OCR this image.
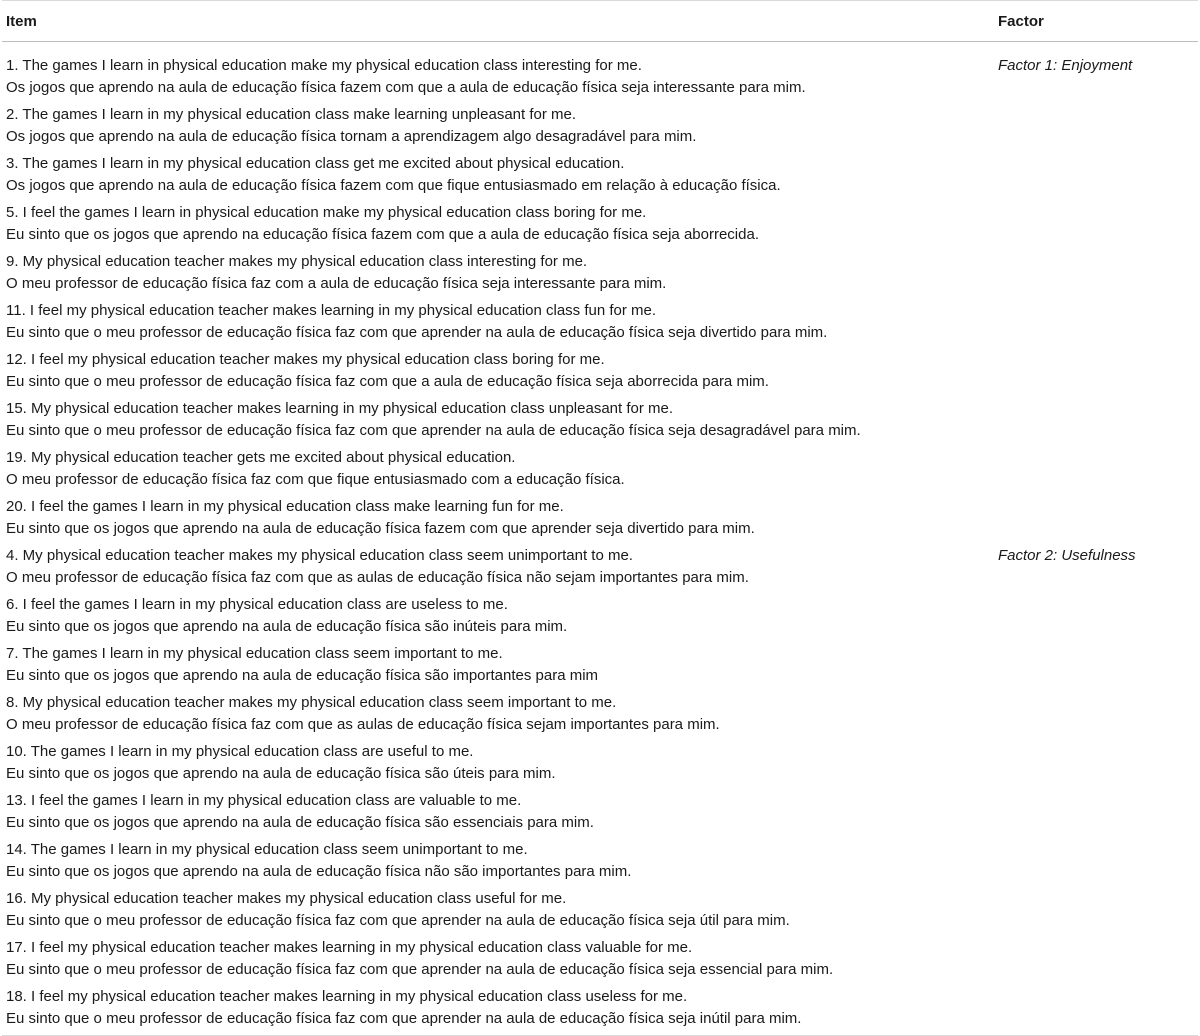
Item	Factor

1. The games I learn in physical education make my physical education class interesting for me.
Os jogos que aprendo na aula de educação física fazem com que a aula de educação física seja interessante para mim.	Factor 1: Enjoyment

2. The games I learn in my physical education class make learning unpleasant for me.
Os jogos que aprendo na aula de educação física tornam a aprendizagem algo desagradável para mim.	

3. The games I learn in my physical education class get me excited about physical education.
Os jogos que aprendo na aula de educação física fazem com que fique entusiasmado em relação à educação física.	

5. I feel the games I learn in physical education make my physical education class boring for me.
Eu sinto que os jogos que aprendo na educação física fazem com que a aula de educação física seja aborrecida.	

9. My physical education teacher makes my physical education class interesting for me.
O meu professor de educação física faz com a aula de educação física seja interessante para mim.	

11. I feel my physical education teacher makes learning in my physical education class fun for me.
Eu sinto que o meu professor de educação física faz com que aprender na aula de educação física seja divertido para mim.	

12. I feel my physical education teacher makes my physical education class boring for me.
Eu sinto que o meu professor de educação física faz com que a aula de educação física seja aborrecida para mim.	

15. My physical education teacher makes learning in my physical education class unpleasant for me.
Eu sinto que o meu professor de educação física faz com que aprender na aula de educação física seja desagradável para mim.	

19. My physical education teacher gets me excited about physical education.
O meu professor de educação física faz com que fique entusiasmado com a educação física.	

20. I feel the games I learn in my physical education class make learning fun for me.
Eu sinto que os jogos que aprendo na aula de educação física fazem com que aprender seja divertido para mim.	

4. My physical education teacher makes my physical education class seem unimportant to me.
O meu professor de educação física faz com que as aulas de educação física não sejam importantes para mim.	Factor 2: Usefulness

6. I feel the games I learn in my physical education class are useless to me.
Eu sinto que os jogos que aprendo na aula de educação física são inúteis para mim.	

7. The games I learn in my physical education class seem important to me.
Eu sinto que os jogos que aprendo na aula de educação física são importantes para mim	

8. My physical education teacher makes my physical education class seem important to me.
O meu professor de educação física faz com que as aulas de educação física sejam importantes para mim.	

10. The games I learn in my physical education class are useful to me.
Eu sinto que os jogos que aprendo na aula de educação física são úteis para mim.	

13. I feel the games I learn in my physical education class are valuable to me.
Eu sinto que os jogos que aprendo na aula de educação física são essenciais para mim.	

14. The games I learn in my physical education class seem unimportant to me.
Eu sinto que os jogos que aprendo na aula de educação física não são importantes para mim.	

16. My physical education teacher makes my physical education class useful for me.
Eu sinto que o meu professor de educação física faz com que aprender na aula de educação física seja útil para mim.	

17. I feel my physical education teacher makes learning in my physical education class valuable for me.
Eu sinto que o meu professor de educação física faz com que aprender na aula de educação física seja essencial para mim.	

18. I feel my physical education teacher makes learning in my physical education class useless for me.
Eu sinto que o meu professor de educação física faz com que aprender na aula de educação física seja inútil para mim.	
